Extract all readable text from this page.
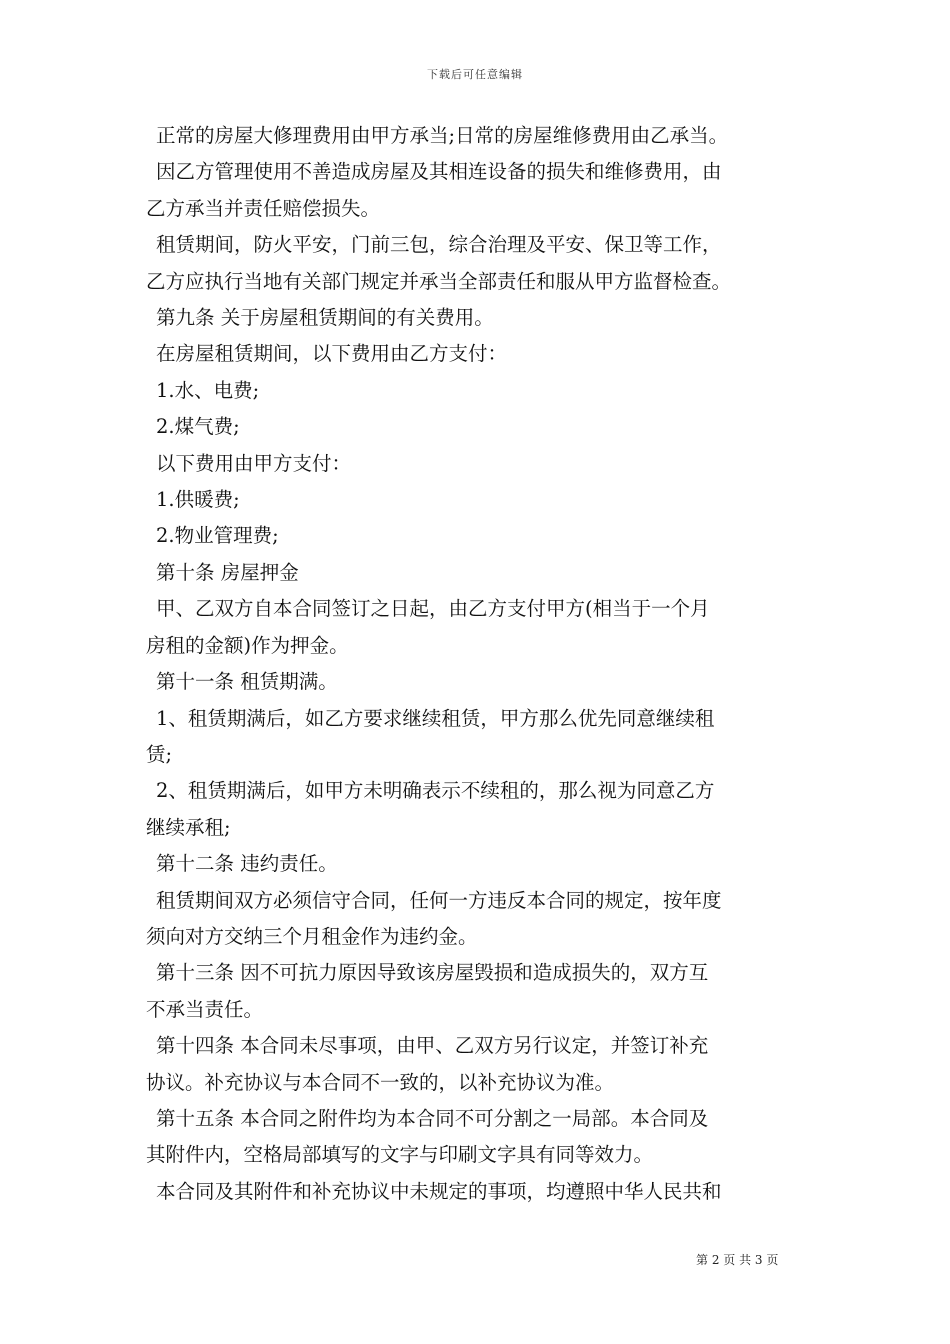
下载后可任意编辑

正常的房屋大修理费用由甲方承当;日常的房屋维修费用由乙承当。

因乙方管理使用不善造成房屋及其相连设备的损失和维修费用，由

乙方承当并责任赔偿损失。

租赁期间，防火平安，门前三包，综合治理及平安、保卫等工作，

乙方应执行当地有关部门规定并承当全部责任和服从甲方监督检查。

第九条 关于房屋租赁期间的有关费用。

在房屋租赁期间，以下费用由乙方支付：

1.水、电费;

2.煤气费;

以下费用由甲方支付：

1.供暖费;

2.物业管理费;

第十条 房屋押金

甲、乙双方自本合同签订之日起，由乙方支付甲方(相当于一个月

房租的金额)作为押金。

第十一条 租赁期满。

1、租赁期满后，如乙方要求继续租赁，甲方那么优先同意继续租

赁;

2、租赁期满后，如甲方未明确表示不续租的，那么视为同意乙方

继续承租;

第十二条 违约责任。

租赁期间双方必须信守合同，任何一方违反本合同的规定，按年度

须向对方交纳三个月租金作为违约金。

第十三条 因不可抗力原因导致该房屋毁损和造成损失的，双方互

不承当责任。

第十四条 本合同未尽事项，由甲、乙双方另行议定，并签订补充

协议。补充协议与本合同不一致的，以补充协议为准。

第十五条 本合同之附件均为本合同不可分割之一局部。本合同及

其附件内，空格局部填写的文字与印刷文字具有同等效力。

本合同及其附件和补充协议中未规定的事项，均遵照中华人民共和

第 2 页 共 3 页
